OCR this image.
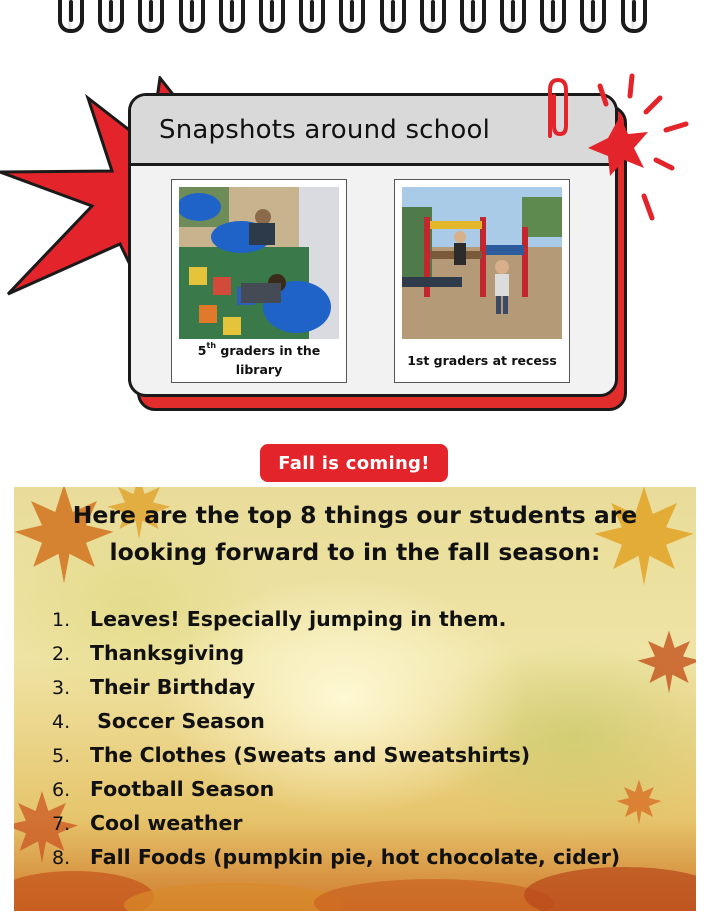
Snapshots around school
5th graders in the library
1st graders at recess
Fall is coming!
Here are the top 8 things our students are
looking forward to in the fall season:
1. Leaves! Especially jumping in them.
2. Thanksgiving
3. Their Birthday
4. Soccer Season
5. The Clothes (Sweats and Sweatshirts)
6. Football Season
7. Cool weather
8. Fall Foods (pumpkin pie, hot chocolate, cider)
